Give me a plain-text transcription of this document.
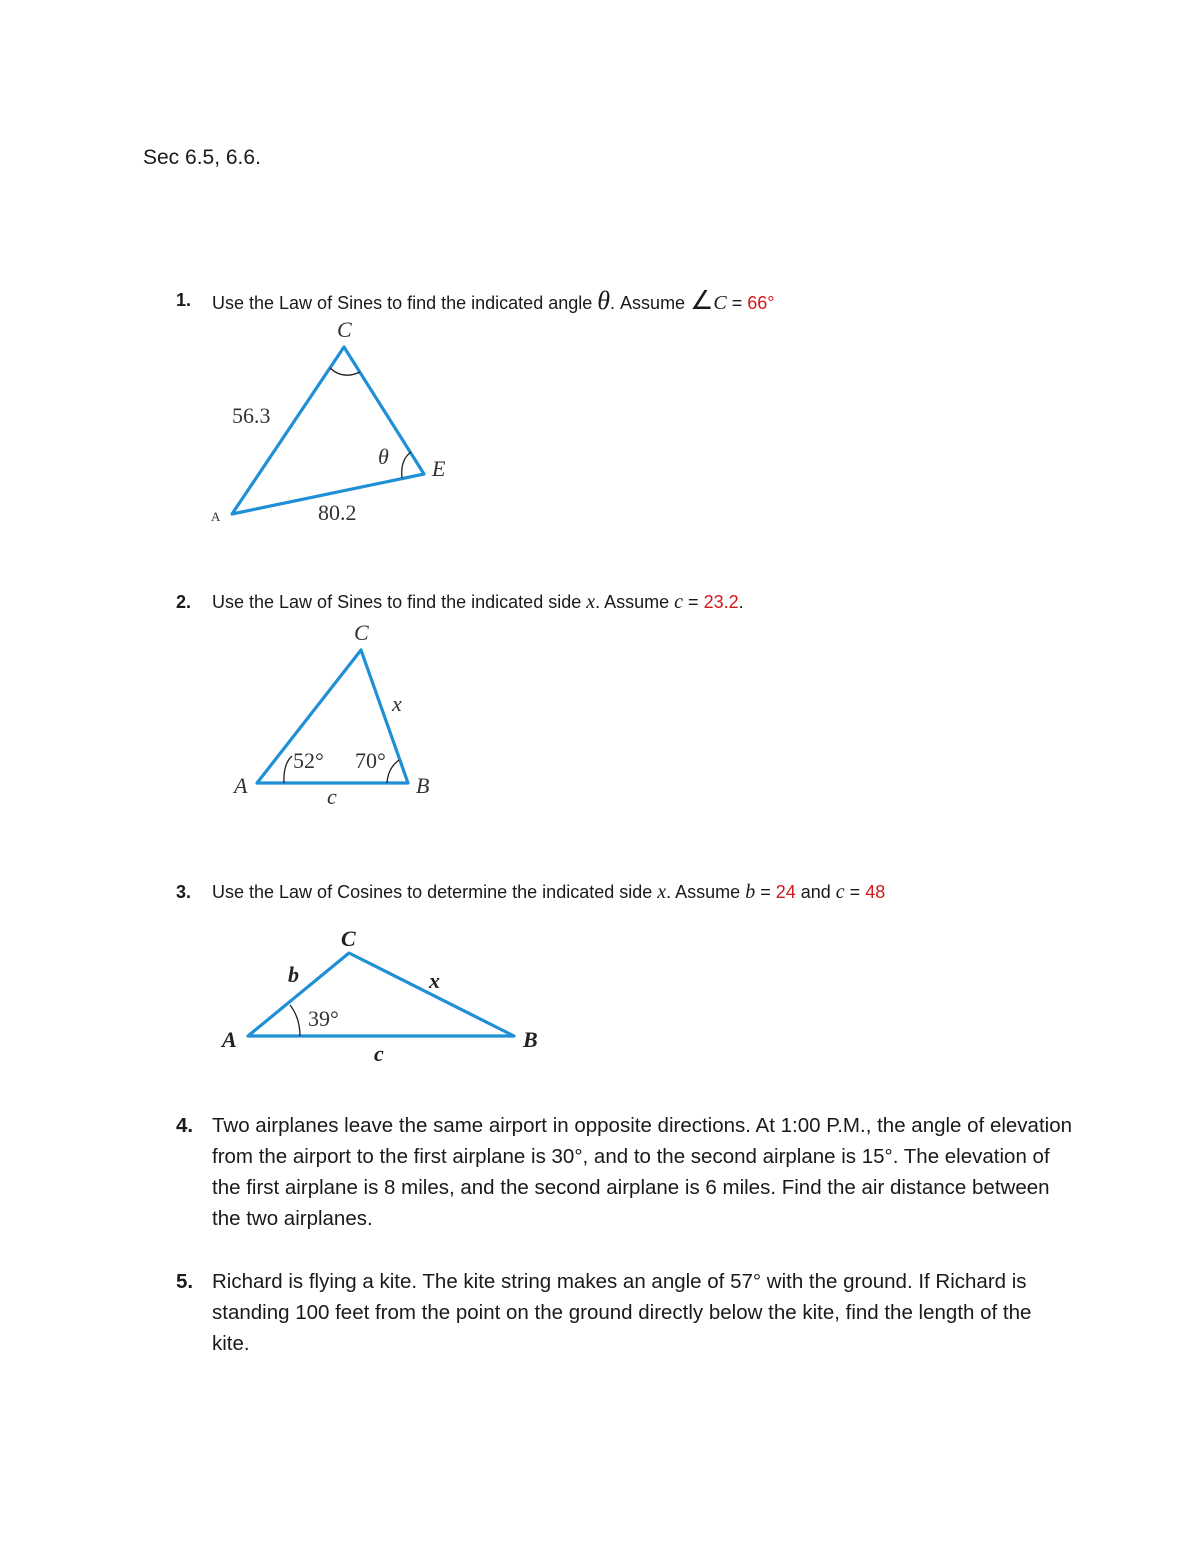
Sec 6.5, 6.6.
1. Use the Law of Sines to find the indicated angle θ. Assume ∠C = 66°
C
56.3
θ E
A	80.2
2. Use the Law of Sines to find the indicated side x. Assume c = 23.2.
C
x
52° 70°
A	B
c
3. Use the Law of Cosines to determine the indicated side x. Assume b = 24 and c = 48
C
b	x
39°
A	B
c
4. Two airplanes leave the same airport in opposite directions. At 1:00 P.M., the angle of elevation from the airport to the first airplane is 30°, and to the second airplane is 15°. The elevation of the first airplane is 8 miles, and the second airplane is 6 miles. Find the air distance between the two airplanes.
5. Richard is flying a kite. The kite string makes an angle of 57° with the ground. If Richard is standing 100 feet from the point on the ground directly below the kite, find the length of the kite.
